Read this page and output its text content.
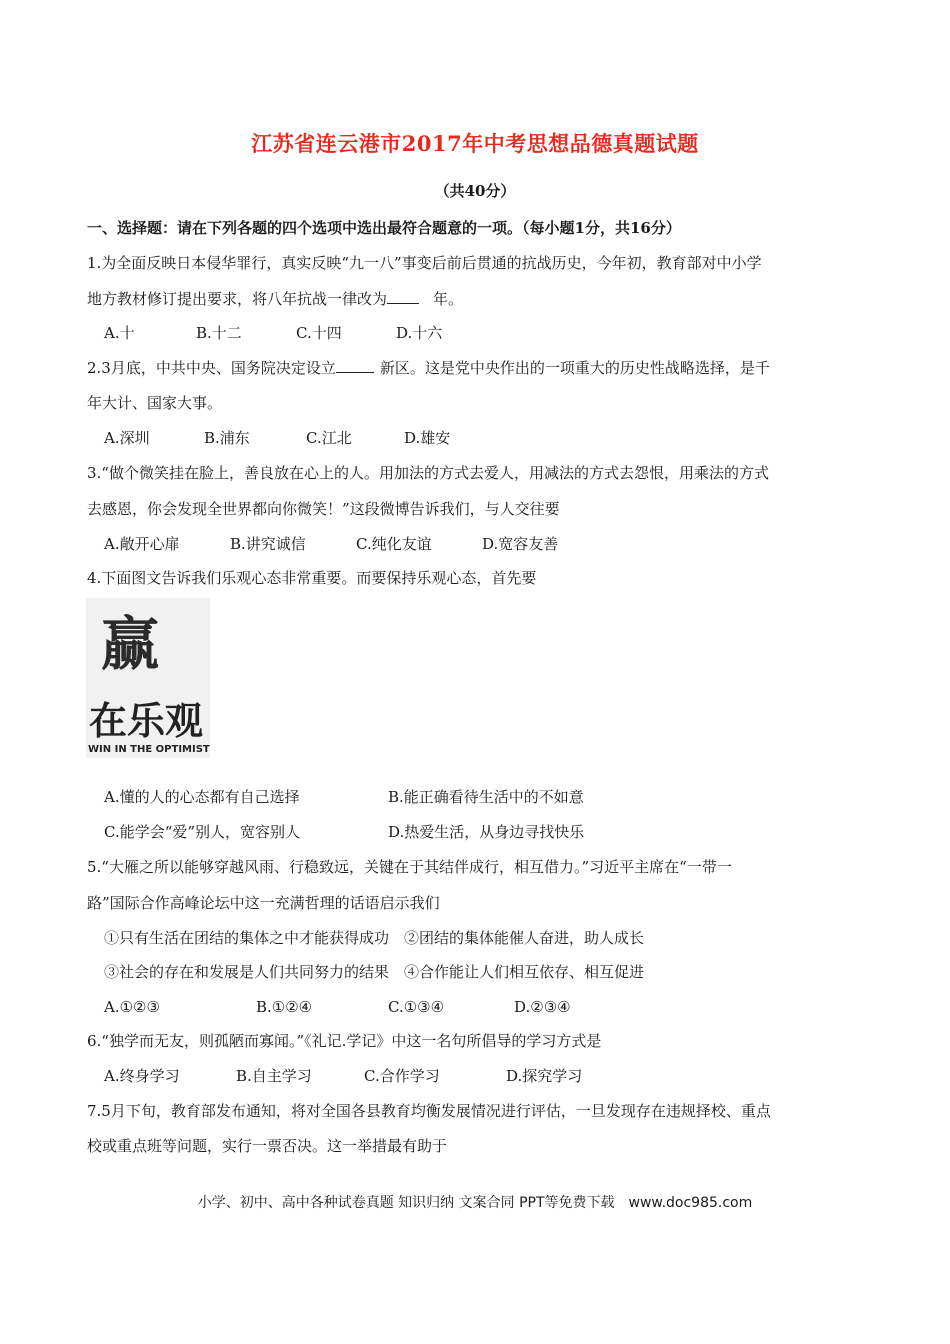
江苏省连云港市2017年中考思想品德真题试题
（共40分）
一、选择题：请在下列各题的四个选项中选出最符合题意的一项。（每小题1分，共16分）
1.为全面反映日本侵华罪行，真实反映“九一八”事变后前后贯通的抗战历史，今年初，教育部对中小学
地方教材修订提出要求，将八年抗战一律改为	年。
A.十	B.十二	C.十四	D.十六
2.3月底，中共中央、国务院决定设立	新区。这是党中央作出的一项重大的历史性战略选择，是千
年大计、国家大事。
A.深圳	B.浦东	C.江北	D.雄安
3.“做个微笑挂在脸上，善良放在心上的人。用加法的方式去爱人，用减法的方式去怨恨，用乘法的方式
去感恩，你会发现全世界都向你微笑！”这段微博告诉我们，与人交往要
A.敞开心扉	B.讲究诚信	C.纯化友谊	D.宽容友善
4.下面图文告诉我们乐观心态非常重要。而要保持乐观心态，首先要
赢
在乐观
WIN IN THE OPTIMISTIC
A.懂的人的心态都有自己选择	B.能正确看待生活中的不如意
C.能学会“爱”别人，宽容别人	D.热爱生活，从身边寻找快乐
5.“大雁之所以能够穿越风雨、行稳致远，关键在于其结伴成行，相互借力。”习近平主席在“一带一
路”国际合作高峰论坛中这一充满哲理的话语启示我们
①只有生活在团结的集体之中才能获得成功　②团结的集体能催人奋进，助人成长
③社会的存在和发展是人们共同努力的结果　④合作能让人们相互依存、相互促进
A.①②③	B.①②④	C.①③④	D.②③④
6.“独学而无友，则孤陋而寡闻。”《礼记.学记》中这一名句所倡导的学习方式是
A.终身学习	B.自主学习	C.合作学习	D.探究学习
7.5月下旬，教育部发布通知，将对全国各县教育均衡发展情况进行评估，一旦发现存在违规择校、重点
校或重点班等问题，实行一票否决。这一举措最有助于
小学、初中、高中各种试卷真题 知识归纳 文案合同 PPT等免费下载　www.doc985.com
